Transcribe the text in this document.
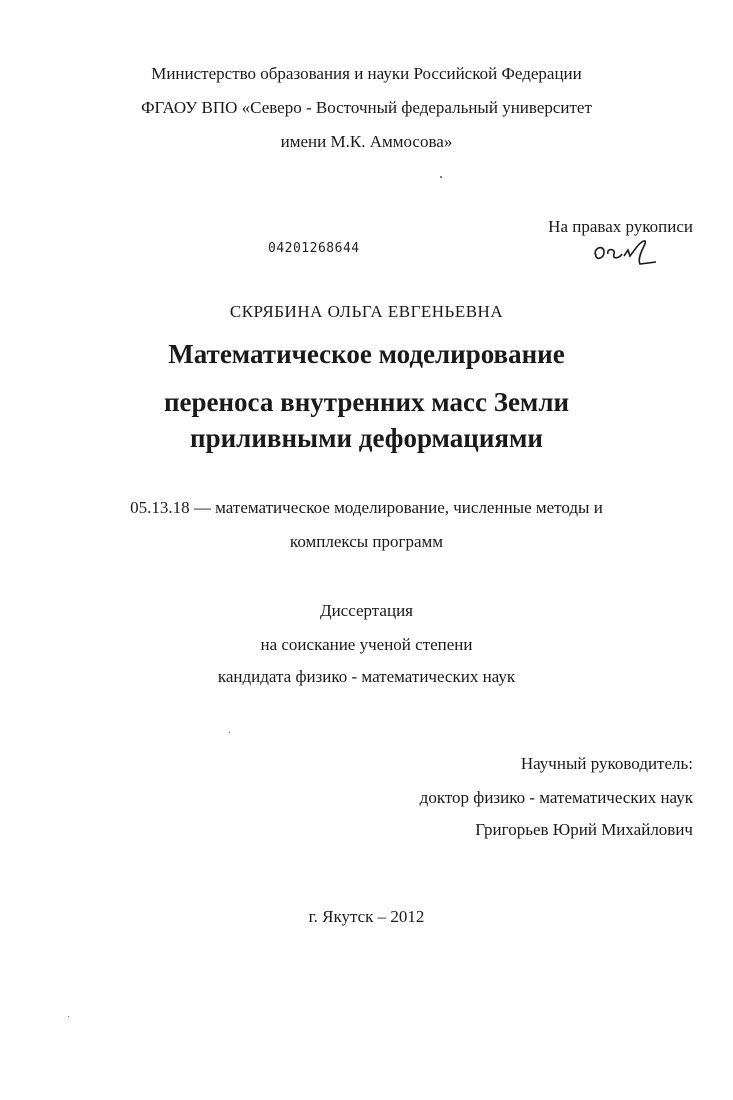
Министерство образования и науки Российской Федерации
ФГАОУ ВПО «Северо - Восточный федеральный университет
имени М.К. Аммосова»
На правах рукописи
04201268644
СКРЯБИНА ОЛЬГА ЕВГЕНЬЕВНА
Математическое моделирование
переноса внутренних масс Земли
приливными деформациями
05.13.18 — математическое моделирование, численные методы и
комплексы программ
Диссертация
на соискание ученой степени
кандидата физико - математических наук
Научный руководитель:
доктор физико - математических наук
Григорьев Юрий Михайлович
г. Якутск – 2012
